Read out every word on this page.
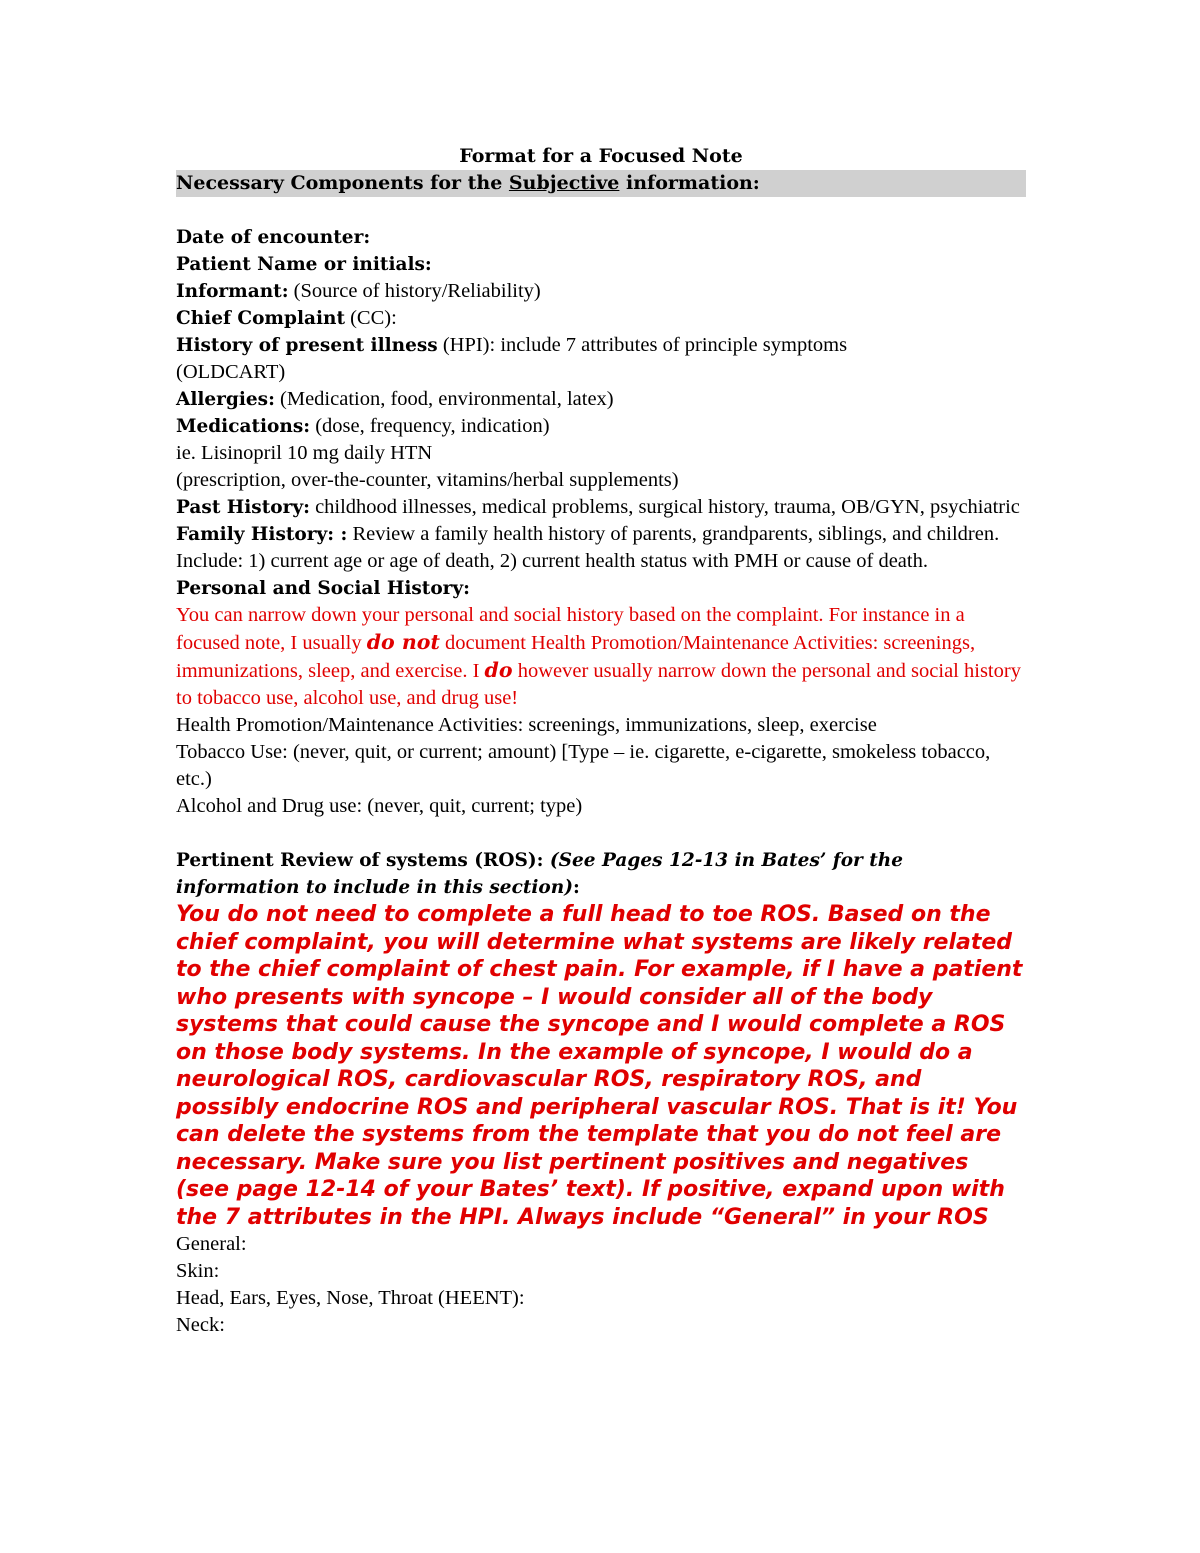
Format for a Focused Note

Necessary Components for the Subjective information:

Date of encounter:

Patient Name or initials:

Informant: (Source of history/Reliability)

Chief Complaint (CC):

History of present illness (HPI): include 7 attributes of principle symptoms

(OLDCART)

Allergies: (Medication, food, environmental, latex)

Medications: (dose, frequency, indication)

ie. Lisinopril 10 mg daily HTN

(prescription, over-the-counter, vitamins/herbal supplements)

Past History: childhood illnesses, medical problems, surgical history, trauma, OB/GYN, psychiatric

Family History: : Review a family health history of parents, grandparents, siblings, and children. Include: 1) current age or age of death, 2) current health status with PMH or cause of death.

Personal and Social History:

You can narrow down your personal and social history based on the complaint. For instance in a focused note, I usually do not document Health Promotion/Maintenance Activities: screenings, immunizations, sleep, and exercise. I do however usually narrow down the personal and social history to tobacco use, alcohol use, and drug use!

Health Promotion/Maintenance Activities: screenings, immunizations, sleep, exercise

Tobacco Use: (never, quit, or current; amount) [Type – ie. cigarette, e-cigarette, smokeless tobacco, etc.)

Alcohol and Drug use: (never, quit, current; type)

Pertinent Review of systems (ROS): (See Pages 12-13 in Bates’ for the information to include in this section):

You do not need to complete a full head to toe ROS. Based on the chief complaint, you will determine what systems are likely related to the chief complaint of chest pain. For example, if I have a patient who presents with syncope – I would consider all of the body systems that could cause the syncope and I would complete a ROS on those body systems. In the example of syncope, I would do a neurological ROS, cardiovascular ROS, respiratory ROS, and possibly endocrine ROS and peripheral vascular ROS. That is it! You can delete the systems from the template that you do not feel are necessary. Make sure you list pertinent positives and negatives (see page 12-14 of your Bates’ text). If positive, expand upon with the 7 attributes in the HPI. Always include “General” in your ROS

General:

Skin:

Head, Ears, Eyes, Nose, Throat (HEENT):

Neck:
